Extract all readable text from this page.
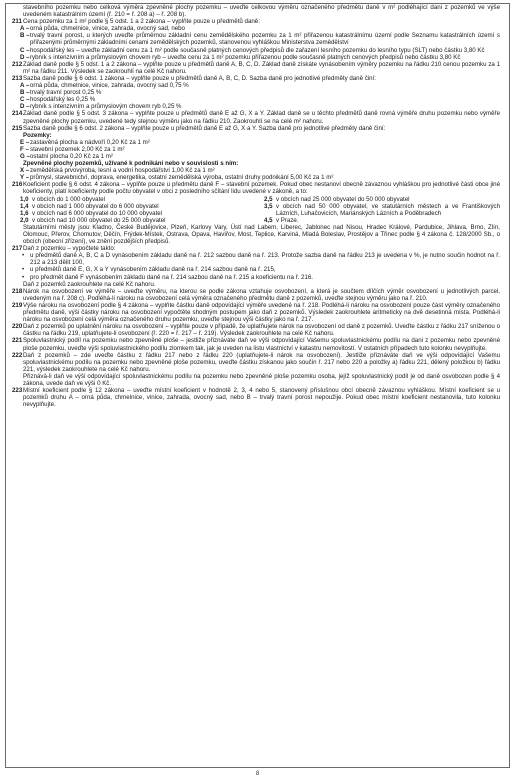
stavebního pozemku nebo celková výměra zpevněné plochy pozemku – uveďte celkovou výměru označeného předmětu daně v m² podléhající dani z pozemků ve výše uvedeném katastrálním území (ř. 210 = ř. 208 a) – ř. 208 b).
211 Cena pozemku za 1 m² podle § 5 odst. 1 a 2 zákona – vyplňte pouze u předmětů daně:
A – orná půda, chmelnice, vinice, zahrada, ovocný sad, nebo
B – trvalý travní porost, u kterých uveďte průměrnou základní cenu zemědělského pozemku za 1 m² přiřazenou katastrálnímu území podle Seznamu katastrálních území s přiřazenými průměrnými základními cenami zemědělských pozemků, stanovenou vyhláškou Ministerstva zemědělství
C – hospodářský les – uveďte základní cenu za 1 m² podle současně platných cenových předpisů dle zařazení lesního pozemku do lesního typu (SLT) nebo částku 3,80 Kč
D – rybník s intenzivním a průmyslovým chovem ryb – uveďte cenu za 1 m² pozemku přiřazenou podle současně platných cenových předpisů nebo částku 3,80 Kč
212 Základ daně podle § 5 odst. 1 a 2 zákona – vyplňte pouze u předmětů daně A, B, C, D. Základ daně získáte vynásobením výměry pozemku na řádku 210 cenou pozemku za 1 m² na řádku 211. Výsledek se zaokrouhlí na celé Kč nahoru.
213 Sazba daně podle § 6 odst. 1 zákona – vyplňte pouze u předmětů daně A, B, C, D. Sazba daně pro jednotlivé předměty daně činí:
A – orná půda, chmelnice, vinice, zahrada, ovocný sad 0,75 %
B – trvalý travní porost 0,25 %
C – hospodářský les 0,25 %
D – rybník s intenzivním a průmyslovým chovem ryb 0,25 %
214 Základ daně podle § 5 odst. 3 zákona – vyplňte pouze u předmětů daně E až G, X a Y. Základ daně se u těchto předmětů daně rovná výměře druhu pozemku nebo výměře zpevněné plochy pozemku, uvedené tedy stejnou výměru jako na řádku 210. Zaokrouhlí se na celé m² nahoru.
215 Sazba daně podle § 6 odst. 2 zákona – vyplňte pouze u předmětů daně E až G, X a Y. Sazba daně pro jednotlivé předměty daně činí:
Pozemky:
E – zastavěná plocha a nádvoří 0,20 Kč za 1 m²
F – stavební pozemek 2,00 Kč za 1 m²
G – ostatní plocha 0,20 Kč za 1 m²
Zpevněné plochy pozemků, užívané k podnikání nebo v souvislosti s ním:
X – zemědělská prvovýroba, lesní a vodní hospodářství 1,00 Kč za 1 m²
Y – průmysl, stavebnictví, doprava, energetika, ostatní zemědělská výroba, ostatní druhy podnikání 5,00 Kč za 1 m²
216 Koeficient podle § 6 odst. 4 zákona – vyplňte pouze u předmětu daně F – stavební pozemek. Pokud obec nestanoví obecně závaznou vyhláškou pro jednotlivé části obce jiné koeficienty, platí koeficienty podle počtu obyvatel v obci z posledního sčítání lidu uvedené v zákoně, a to:
1,0 v obcích do 1 000 obyvatel
1,4 v obcích nad 1 000 obyvatel do 6 000 obyvatel
1,6 v obcích nad 6 000 obyvatel do 10 000 obyvatel
2,0 v obcích nad 10 000 obyvatel do 25 000 obyvatel
2,5 v obcích nad 25 000 obyvatel do 50 000 obyvatel
3,5 v obcích nad 50 000 obyvatel, ve statutárních městech a ve Františkových Lázních, Luhačovicích, Mariánských Lázních a Poděbradech
4,5 v Praze.
Statutárními městy jsou Kladno, České Budějovice, Plzeň, Karlovy Vary, Ústí nad Labem, Liberec, Jablonec nad Nisou, Hradec Králové, Pardubice, Jihlava, Brno, Zlín, Olomouc, Přerov, Chomutov, Děčín, Frýdek-Místek, Ostrava, Opava, Havířov, Most, Teplice, Karviná, Mladá Boleslav, Prostějov a Třinec podle § 4 zákona č. 128/2000 Sb., o obcích (obecní zřízení), ve znění pozdějších předpisů.
217 Daň z pozemku – vypočtete takto:
• u předmětů daně A, B, C a D vynásobením základu daně na ř. 212 sazbou daně na ř. 213. Protože sazba daně na řádku 213 je uvedena v %, je nutno součin hodnot na ř. 212 a 213 dělit 100,
• u předmětů daně E, G, X a Y vynásobením základu daně na ř. 214 sazbou daně na ř. 215,
• pro předmět daně F vynásobením základu daně na ř. 214 sazbou daně na ř. 215 a koeficientu na ř. 216.
Daň z pozemků zaokrouhlete na celé Kč nahoru.
218 Nárok na osvobození ve výměře – uveďte výměru, na kterou se podle zákona vztahuje osvobození, a která je součtem dílčích výměr osvobození u jednotlivých parcel, uvedeným na ř. 208 c). Podléhá-li nároku na osvobození celá výměra označeného předmětu daně z pozemků, uveďte stejnou výměru jako na ř. 210.
219 Výše nároku na osvobození podle § 4 zákona – vyplňte částku daně odpovídající výměře uvedené na ř. 218. Podléhá-li nároku na osvobození pouze část výměry označeného předmětu daně, výši částky nároku na osvobození vypočtěte shodným postupem jako daň z pozemků. Výsledek zaokrouhlete aritmeticky na dvě desetinná místa. Podléhá-li nároku na osvobození celá výměra označeného druhu pozemku, uveďte stejnou výši částky jako na ř. 217.
220 Daň z pozemků po uplatnění nároku na osvobození – vyplňte pouze v případě, že uplatňujete nárok na osvobození od daně z pozemků. Uveďte částku z řádku 217 sníženou o částku na řádku 219, uplatňujete-li osvobození (ř. 220 = ř. 217 – ř. 219). Výsledek zaokrouhlete na celé Kč nahoru.
221 Spoluvlastnický podíl na pozemku nebo zpevněné ploše – jestliže přiznáváte daň ve výši odpovídající Vašemu spoluvlastnickému podílu na dani z pozemku nebo zpevněné ploše pozemku, uveďte výši spoluvlastnického podílu zlomkem tak, jak je uveden na listu vlastnictví v katastru nemovitostí. V ostatních případech tuto kolonku nevyplňujte.
222 Daň z pozemků – zde uveďte částku z řádku 217 nebo z řádku 220 (uplatňujete-li nárok na osvobození). Jestliže přiznáváte daň ve výši odpovídající Vašemu spoluvlastnickému podílu na pozemku nebo zpevněné ploše pozemku, uveďte částku získanou jako součin ř. 217 nebo 220 a položky a) řádku 221, dělený položkou b) řádku 221, výsledek zaokrouhlete na celé Kč nahoru.
Přiznává-li daň ve výši odpovídající spoluvlastnickému podílu na pozemku nebo zpevněné ploše pozemku osoba, jejíž spoluvlastnický podíl je od daně osvobozen podle § 4 zákona, uvede daň ve výši 0 Kč.
223 Místní koeficient podle § 12 zákona – uveďte místní koeficient v hodnotě 2, 3, 4 nebo 5, stanovený příslušnou obcí obecně závaznou vyhláškou. Místní koeficient se u pozemků druhu A – orná půda, chmelnice, vinice, zahrada, ovocný sad, nebo B – trvalý travní porost nepoužije. Pokud obec místní koeficient nestanovila, tuto kolonku nevyplňujte.
8
